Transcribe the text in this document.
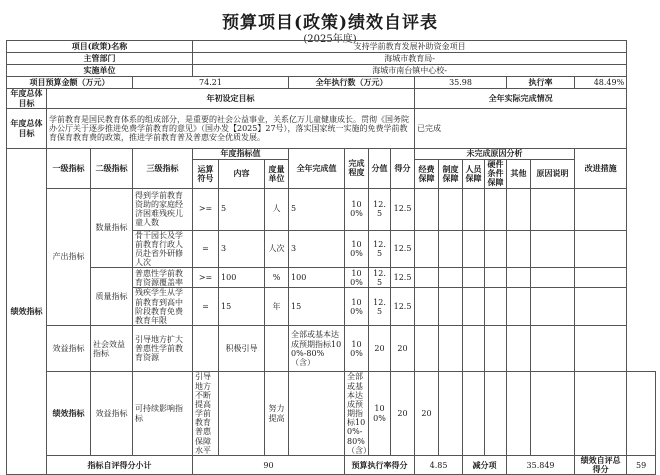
预算项目(政策)绩效自评表
(2025年度)
项目(政策)名称				支持学前教育发展补助资金项目														
主管部门				海城市教育局-														
实施单位				海城市南台镇中心校-														
项目预算金额（万元）			74.21				全年执行数（万元）				35.98				执行率		48.49%	
年度总体目标	年初设定目标										全年实际完成情况							
年度总体目标	学前教育是国民教育体系的组成部分，是重要的社会公益事业，关系亿万儿童健康成长。贯彻《国务院办公厅关于逐步推进免费学前教育的意见》（国办发【2025】27号），落实国家统一实施的免费学前教育保育教育费的政策，推进学前教育普及普惠安全优质发展。										已完成							
绩效指标	一级指标	二级指标	三级指标	年度指标值			全年完成值	完成程度	分值	得分	未完成原因分析						改进措施	
				运算符号	内容	度量单位					经费保障	制度保障	人员保障	硬件条件保障	其他	原因说明		

	产出指标	数量指标	得到学前教育资助的家庭经济困难残疾儿童人数	>=	5	人	5	100%	12.5	12.5								
			骨干园长及学前教育行政人员赴省外研修人次	=	3	人次	3	100%	12.5	12.5								
		质量指标	普惠性学前教育资源覆盖率	>=	100	%	100	100%	12.5	12.5								
			残疾学生从学前教育到高中阶段教育免费教育年限	=	15	年	15	100%	12.5	12.5								
	效益指标	社会效益指标	引导地方扩大普惠性学前教育资源		积极引导		全部或基本达成预期指标100%-80%（含）	100%	20	20								
	绩效指标	效益指标	可持续影响指标	引导地方不断提高学前教育普惠保障水平		努力提高		全部或基本达成预期指标100%-80%（含）	100%	20	20							
	指标自评得分小计			90				预算执行率得分			4.85		减分项		35.849		绩效自评总得分	59
